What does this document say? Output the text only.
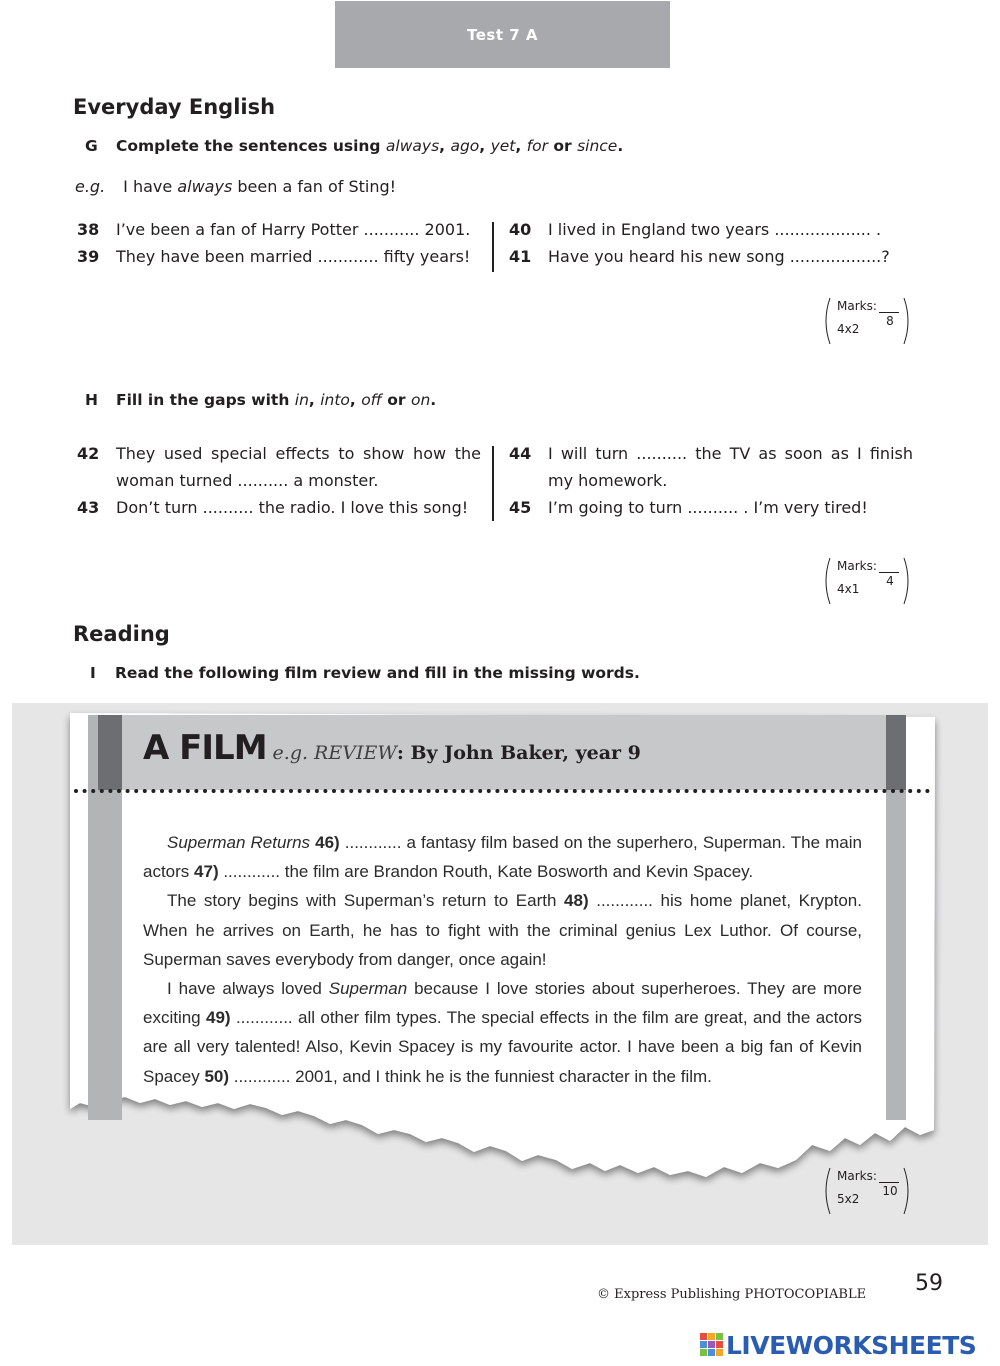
Test 7 A
Everyday English
G Complete the sentences using always, ago, yet, for or since.
e.g. I have always been a fan of Sting!
38 I’ve been a fan of Harry Potter ........... 2001.
39 They have been married ............ fifty years!
40 I lived in England two years ................... .
41 Have you heard his new song ..................?
Marks:
8
4x2
H Fill in the gaps with in, into, off or on.
42 They used special effects to show how the
woman turned .......... a monster.
43 Don’t turn .......... the radio. I love this song!
44 I will turn .......... the TV as soon as I finish
my homework.
45 I’m going to turn .......... . I’m very tired!
Marks:
4
4x1
Reading
I Read the following film review and fill in the missing words.
A FILM e.g. REVIEW: By John Baker, year 9

Superman Returns 46) ............ a fantasy film based on the superhero, Superman. The main actors 47) ............ the film are Brandon Routh, Kate Bosworth and Kevin Spacey.

The story begins with Superman’s return to Earth 48) ............ his home planet, Krypton. When he arrives on Earth, he has to fight with the criminal genius Lex Luthor. Of course, Superman saves everybody from danger, once again!

I have always loved Superman because I love stories about superheroes. They are more exciting 49) ............ all other film types. The special effects in the film are great, and the actors are all very talented! Also, Kevin Spacey is my favourite actor. I have been a big fan of Kevin Spacey 50) ............ 2001, and I think he is the funniest character in the film.

Marks:
10
5x2
© Express Publishing PHOTOCOPIABLE 59
LIVEWORKSHEETS
